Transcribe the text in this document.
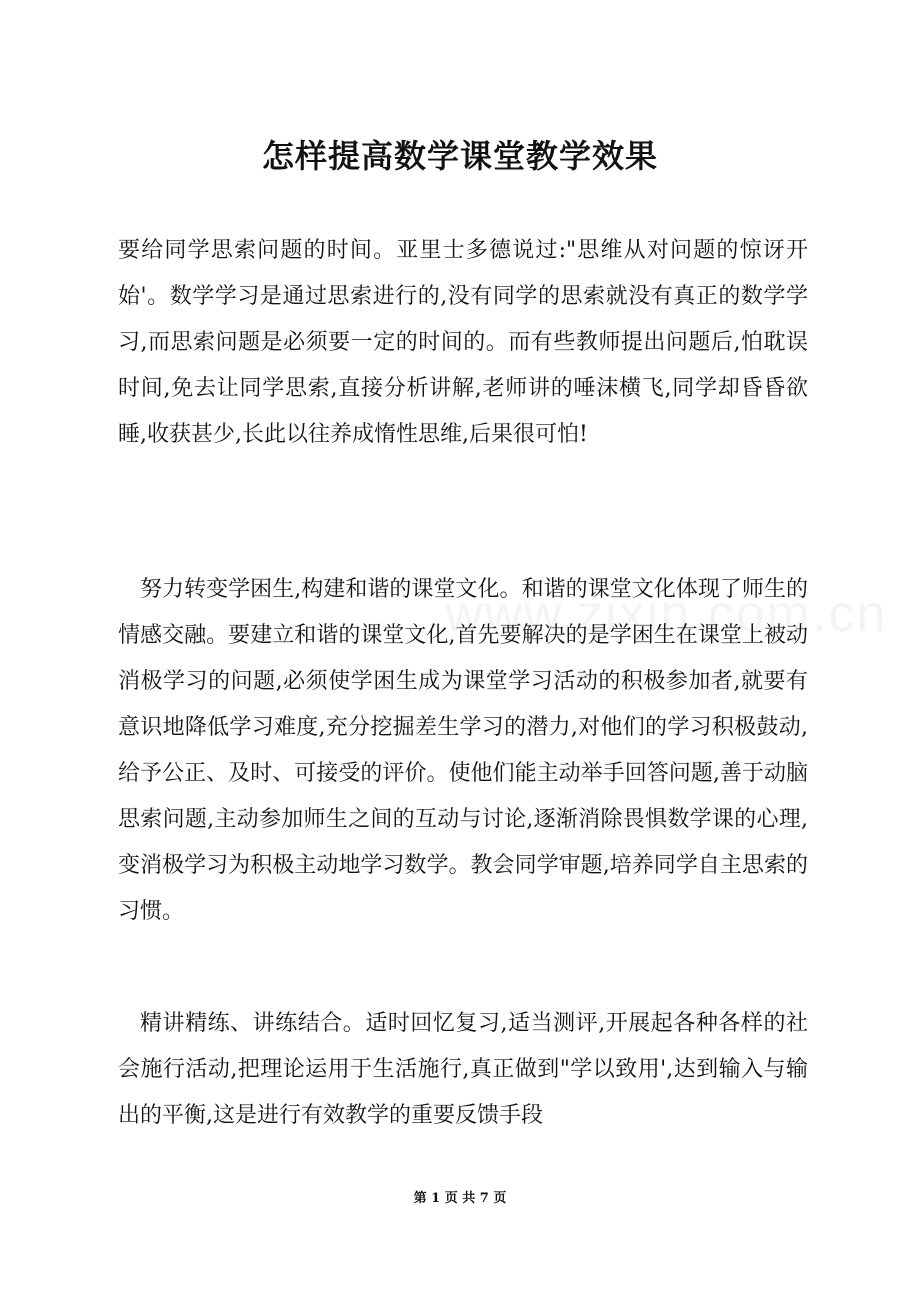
怎样提高数学课堂教学效果

要给同学思索问题的时间。亚里士多德说过:"思维从对问题的惊讶开始'。数学学习是通过思索进行的,没有同学的思索就没有真正的数学学习,而思索问题是必须要一定的时间的。而有些教师提出问题后,怕耽误时间,免去让同学思索,直接分析讲解,老师讲的唾沫横飞,同学却昏昏欲睡,收获甚少,长此以往养成惰性思维,后果很可怕!

努力转变学困生,构建和谐的课堂文化。和谐的课堂文化体现了师生的情感交融。要建立和谐的课堂文化,首先要解决的是学困生在课堂上被动消极学习的问题,必须使学困生成为课堂学习活动的积极参加者,就要有意识地降低学习难度,充分挖掘差生学习的潜力,对他们的学习积极鼓动,给予公正、及时、可接受的评价。使他们能主动举手回答问题,善于动脑思索问题,主动参加师生之间的互动与讨论,逐渐消除畏惧数学课的心理,变消极学习为积极主动地学习数学。教会同学审题,培养同学自主思索的习惯。

精讲精练、讲练结合。适时回忆复习,适当测评,开展起各种各样的社会施行活动,把理论运用于生活施行,真正做到"学以致用',达到输入与输出的平衡,这是进行有效教学的重要反馈手段

第 1 页 共 7 页
